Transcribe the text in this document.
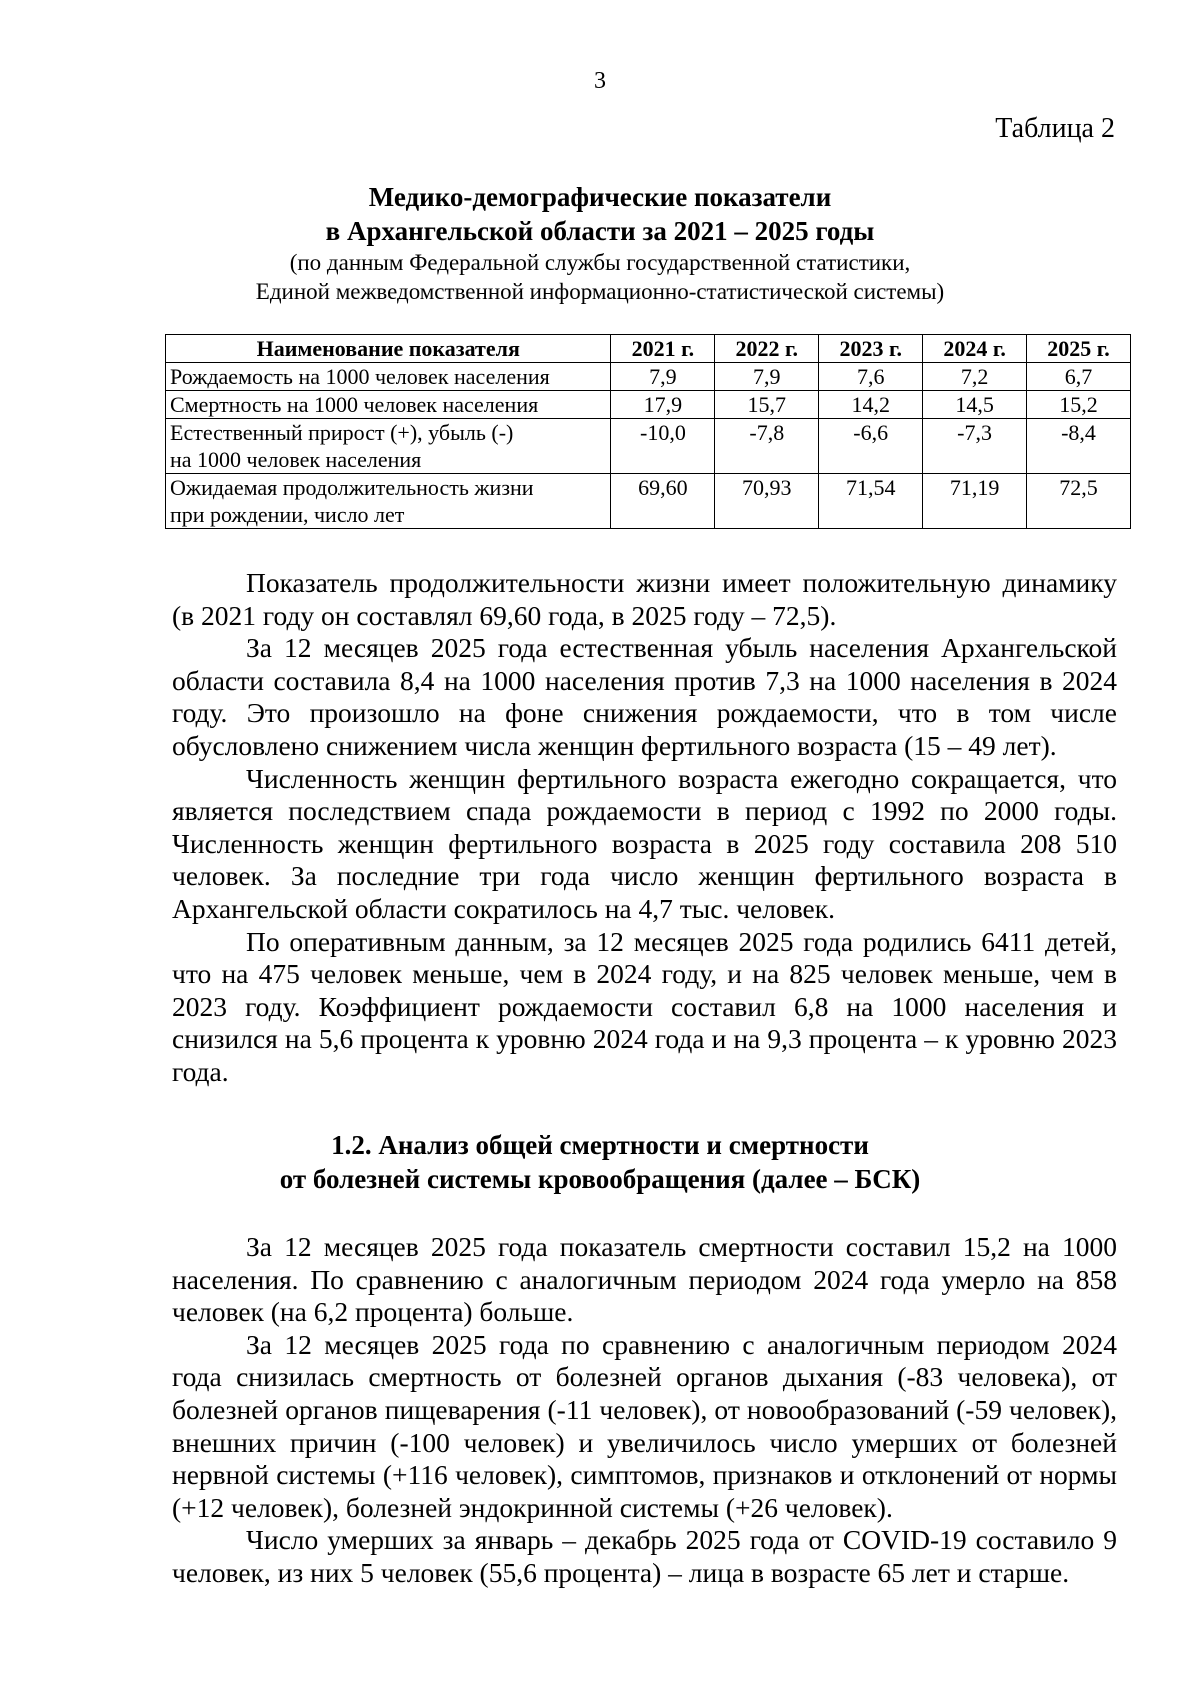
3
Таблица 2
Медико-демографические показатели
в Архангельской области за 2021 – 2025 годы
(по данным Федеральной службы государственной статистики,
Единой межведомственной информационно-статистической системы)
Наименование показателя	2021 г.	2022 г.	2023 г.	2024 г.	2025 г.
Рождаемость на 1000 человек населения	7,9	7,9	7,6	7,2	6,7
Смертность на 1000 человек населения	17,9	15,7	14,2	14,5	15,2

Естественный прирост (+), убыль (-)
на 1000 человек населения	-10,0	-7,8	-6,6	-7,3	-8,4

Ожидаемая продолжительность жизни
при рождении, число лет	69,60	70,93	71,54	71,19	72,5

Показатель продолжительности жизни имеет положительную динамику (в 2021 году он составлял 69,60 года, в 2025 году – 72,5).

За 12 месяцев 2025 года естественная убыль населения Архангельской области составила 8,4 на 1000 населения против 7,3 на 1000 населения в 2024 году. Это произошло на фоне снижения рождаемости, что в том числе обусловлено снижением числа женщин фертильного возраста (15 – 49 лет).

Численность женщин фертильного возраста ежегодно сокращается, что является последствием спада рождаемости в период с 1992 по 2000 годы. Численность женщин фертильного возраста в 2025 году составила 208 510 человек. За последние три года число женщин фертильного возраста в Архангельской области сократилось на 4,7 тыс. человек.

По оперативным данным, за 12 месяцев 2025 года родились 6411 детей, что на 475 человек меньше, чем в 2024 году, и на 825 человек меньше, чем в 2023 году. Коэффициент рождаемости составил 6,8 на 1000 населения и снизился на 5,6 процента к уровню 2024 года и на 9,3 процента – к уровню 2023 года.

1.2. Анализ общей смертности и смертности
от болезней системы кровообращения (далее – БСК)

За 12 месяцев 2025 года показатель смертности составил 15,2 на 1000 населения. По сравнению с аналогичным периодом 2024 года умерло на 858 человек (на 6,2 процента) больше.

За 12 месяцев 2025 года по сравнению с аналогичным периодом 2024 года снизилась смертность от болезней органов дыхания (-83 человека), от болезней органов пищеварения (-11 человек), от новообразований (-59 человек), внешних причин (-100 человек) и увеличилось число умерших от болезней нервной системы (+116 человек), симптомов, признаков и отклонений от нормы (+12 человек), болезней эндокринной системы (+26 человек).

Число умерших за январь – декабрь 2025 года от COVID-19 составило 9 человек, из них 5 человек (55,6 процента) – лица в возрасте 65 лет и старше.
